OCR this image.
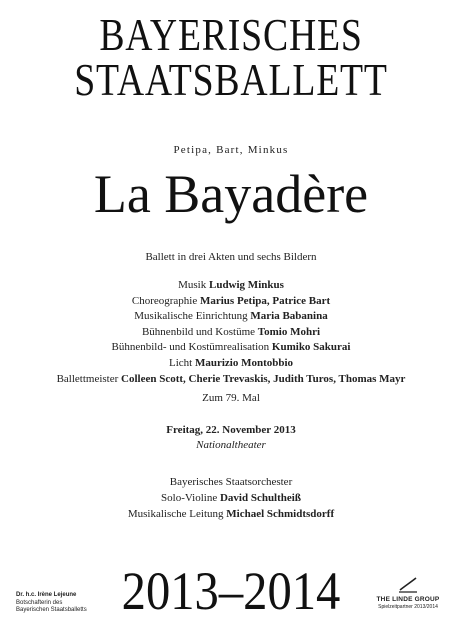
BAYERISCHES
STAATSBALLETT
Petipa, Bart, Minkus
La Bayadère
Ballett in drei Akten und sechs Bildern
Musik Ludwig Minkus
Choreographie Marius Petipa, Patrice Bart
Musikalische Einrichtung Maria Babanina
Bühnenbild und Kostüme Tomio Mohri
Bühnenbild- und Kostümrealisation Kumiko Sakurai
Licht Maurizio Montobbio
Ballettmeister Colleen Scott, Cherie Trevaskis, Judith Turos, Thomas Mayr
Zum 79. Mal
Freitag, 22. November 2013
Nationaltheater
Bayerisches Staatsorchester
Solo-Violine David Schultheiß
Musikalische Leitung Michael Schmidtsdorff
Dr. h.c. Irène Lejeune
Botschafterin des
Bayerischen Staatsballetts 2013–2014	THE LINDE GROUP
Spielzeitpartner 2013/2014
